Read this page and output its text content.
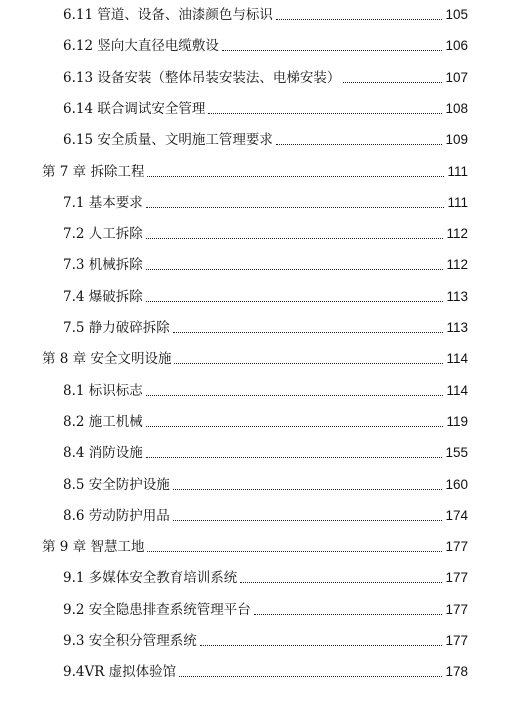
6.11 管道、设备、油漆颜色与标识	105
6.12 竖向大直径电缆敷设	106
6.13 设备安装（整体吊装安装法、电梯安装）	107
6.14 联合调试安全管理	108
6.15 安全质量、文明施工管理要求	109
第 7 章 拆除工程	111
7.1 基本要求	111
7.2 人工拆除	112
7.3 机械拆除	112
7.4 爆破拆除	113
7.5 静力破碎拆除	113
第 8 章 安全文明设施	114
8.1 标识标志	114
8.2 施工机械	119
8.4 消防设施	155
8.5 安全防护设施	160
8.6 劳动防护用品	174
第 9 章 智慧工地	177
9.1 多媒体安全教育培训系统	177
9.2 安全隐患排查系统管理平台	177
9.3 安全积分管理系统	177
9.4VR 虚拟体验馆	178
